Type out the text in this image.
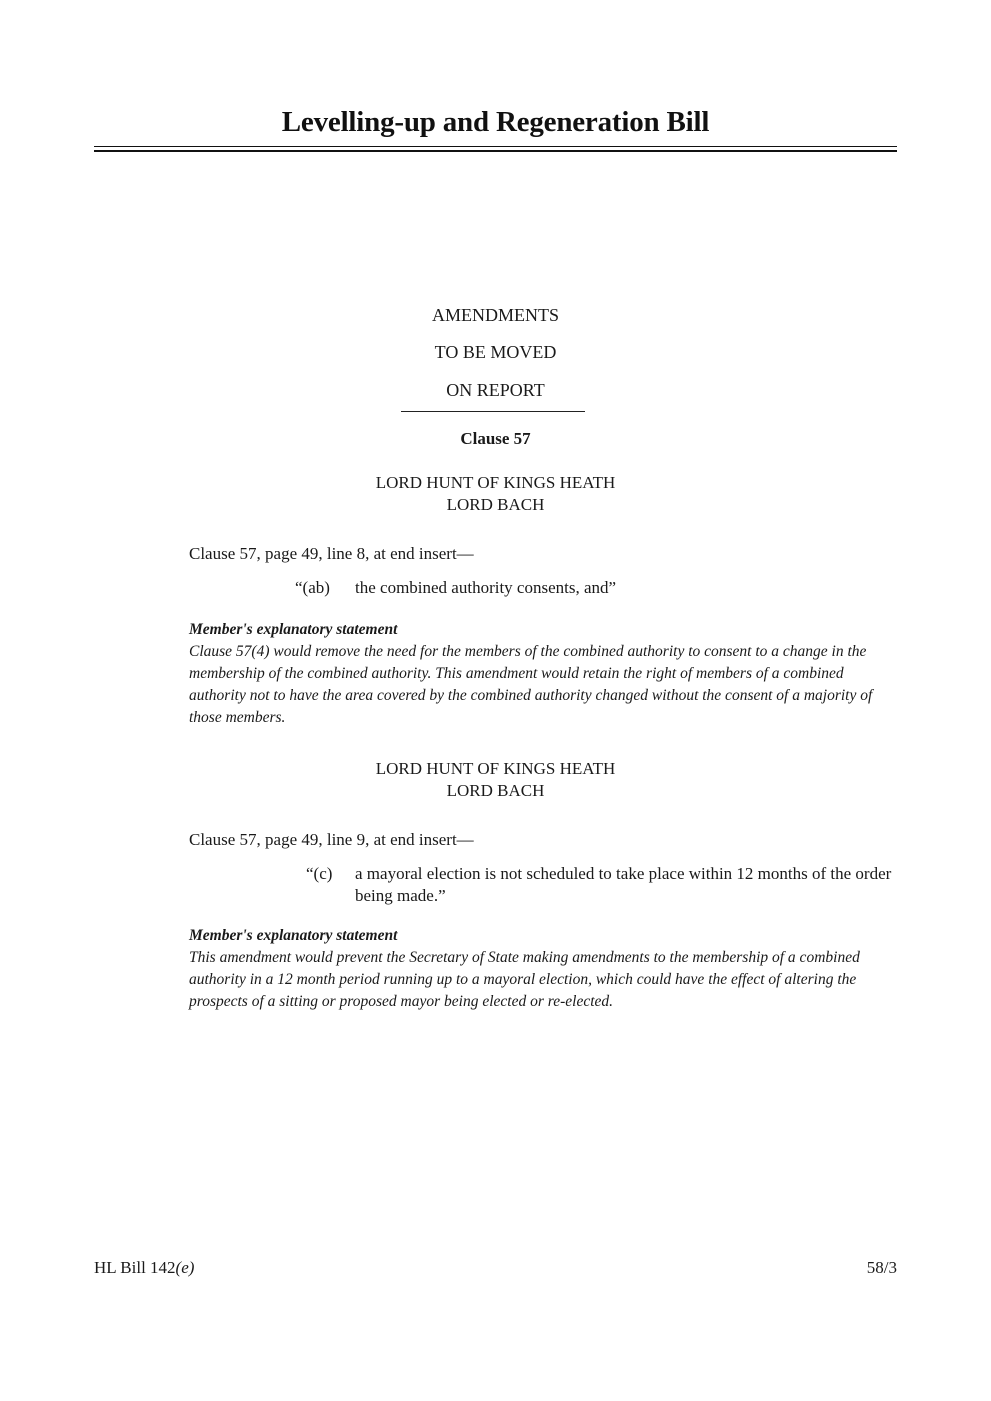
Levelling-up and Regeneration Bill
AMENDMENTS
TO BE MOVED
ON REPORT
Clause 57
LORD HUNT OF KINGS HEATH
LORD BACH
Clause 57, page 49, line 8, at end insert—
“(ab) the combined authority consents, and”
Member's explanatory statement
Clause 57(4) would remove the need for the members of the combined authority to consent to a change in the membership of the combined authority. This amendment would retain the right of members of a combined authority not to have the area covered by the combined authority changed without the consent of a majority of those members.
LORD HUNT OF KINGS HEATH
LORD BACH
Clause 57, page 49, line 9, at end insert—
“(c) a mayoral election is not scheduled to take place within 12 months of the order being made.”
Member's explanatory statement
This amendment would prevent the Secretary of State making amendments to the membership of a combined authority in a 12 month period running up to a mayoral election, which could have the effect of altering the prospects of a sitting or proposed mayor being elected or re-elected.
HL Bill 142(e)	58/3
